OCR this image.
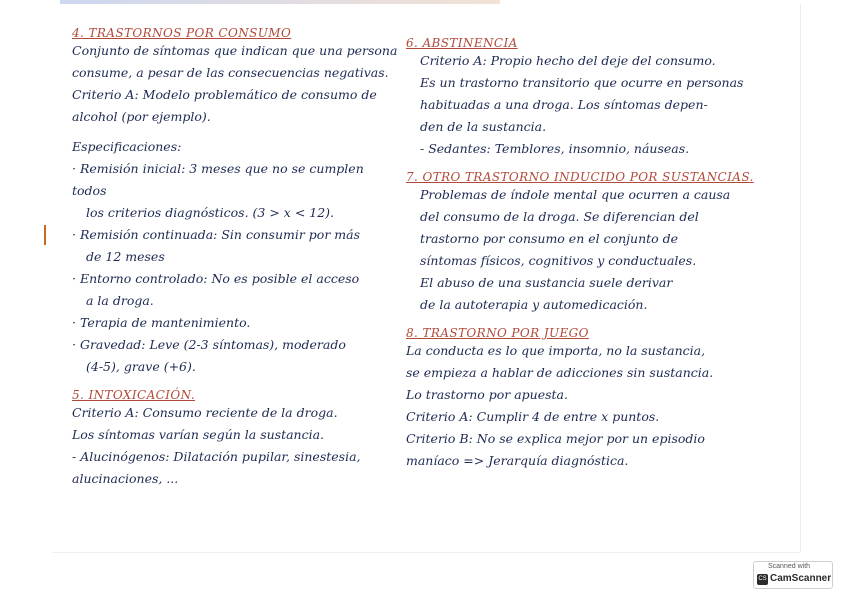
4. TRASTORNOS POR CONSUMO

Conjunto de síntomas que indican que una persona

consume, a pesar de las consecuencias negativas.

Criterio A: Modelo problemático de consumo de

alcohol (por ejemplo).

Especificaciones:

· Remisión inicial: 3 meses que no se cumplen todos

los criterios diagnósticos. (3 > x < 12).

· Remisión continuada: Sin consumir por más

de 12 meses

· Entorno controlado: No es posible el acceso

a la droga.

· Terapia de mantenimiento.

· Gravedad: Leve (2-3 síntomas), moderado

(4-5), grave (+6).

5. INTOXICACIÓN.

Criterio A: Consumo reciente de la droga.

Los síntomas varían según la sustancia.

- Alucinógenos: Dilatación pupilar, sinestesia,

alucinaciones, ...

6. ABSTINENCIA

Criterio A: Propio hecho del deje del consumo.

Es un trastorno transitorio que ocurre en personas

habituadas a una droga. Los síntomas depen-

den de la sustancia.

- Sedantes: Temblores, insomnio, náuseas.

7. OTRO TRASTORNO INDUCIDO POR SUSTANCIAS.

Problemas de índole mental que ocurren a causa

del consumo de la droga. Se diferencian del

trastorno por consumo en el conjunto de

síntomas físicos, cognitivos y conductuales.

El abuso de una sustancia suele derivar

de la autoterapia y automedicación.

8. TRASTORNO POR JUEGO

La conducta es lo que importa, no la sustancia,

se empieza a hablar de adicciones sin sustancia.

Lo trastorno por apuesta.

Criterio A: Cumplir 4 de entre x puntos.

Criterio B: No se explica mejor por un episodio

maníaco => Jerarquía diagnóstica.

Scanned with
CS CamScanner
